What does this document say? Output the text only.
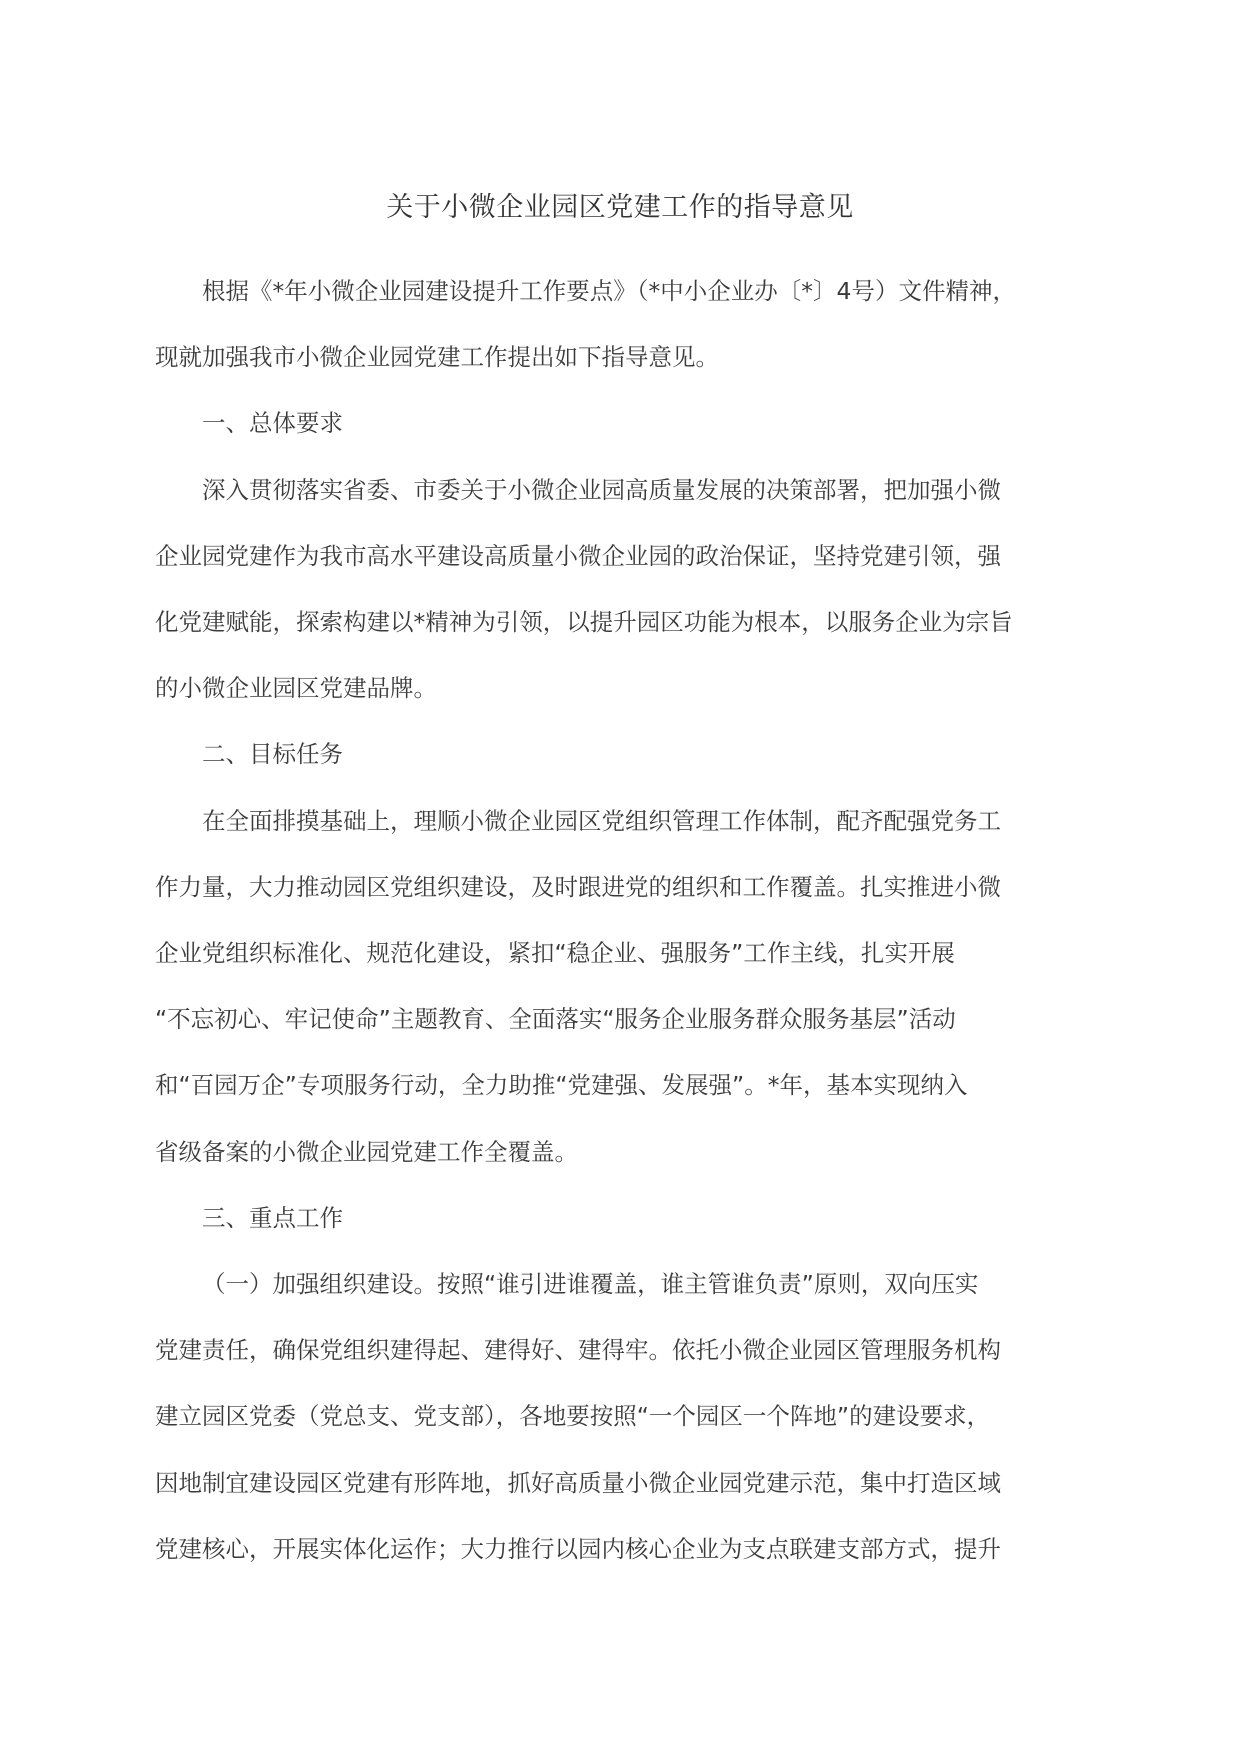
关于小微企业园区党建工作的指导意见

根据《*年小微企业园建设提升工作要点》（*中小企业办〔*〕4号）文件精神，
现就加强我市小微企业园党建工作提出如下指导意见。

一、总体要求

深入贯彻落实省委、市委关于小微企业园高质量发展的决策部署，把加强小微
企业园党建作为我市高水平建设高质量小微企业园的政治保证，坚持党建引领，强
化党建赋能，探索构建以*精神为引领，以提升园区功能为根本，以服务企业为宗旨
的小微企业园区党建品牌。

二、目标任务

在全面排摸基础上，理顺小微企业园区党组织管理工作体制，配齐配强党务工
作力量，大力推动园区党组织建设，及时跟进党的组织和工作覆盖。扎实推进小微
企业党组织标准化、规范化建设，紧扣“稳企业、强服务”工作主线，扎实开展
“不忘初心、牢记使命”主题教育、全面落实“服务企业服务群众服务基层”活动
和“百园万企”专项服务行动，全力助推“党建强、发展强”。*年，基本实现纳入
省级备案的小微企业园党建工作全覆盖。

三、重点工作

（一）加强组织建设。按照“谁引进谁覆盖，谁主管谁负责”原则，双向压实
党建责任，确保党组织建得起、建得好、建得牢。依托小微企业园区管理服务机构
建立园区党委（党总支、党支部），各地要按照“一个园区一个阵地”的建设要求，
因地制宜建设园区党建有形阵地，抓好高质量小微企业园党建示范，集中打造区域
党建核心，开展实体化运作；大力推行以园内核心企业为支点联建支部方式，提升
